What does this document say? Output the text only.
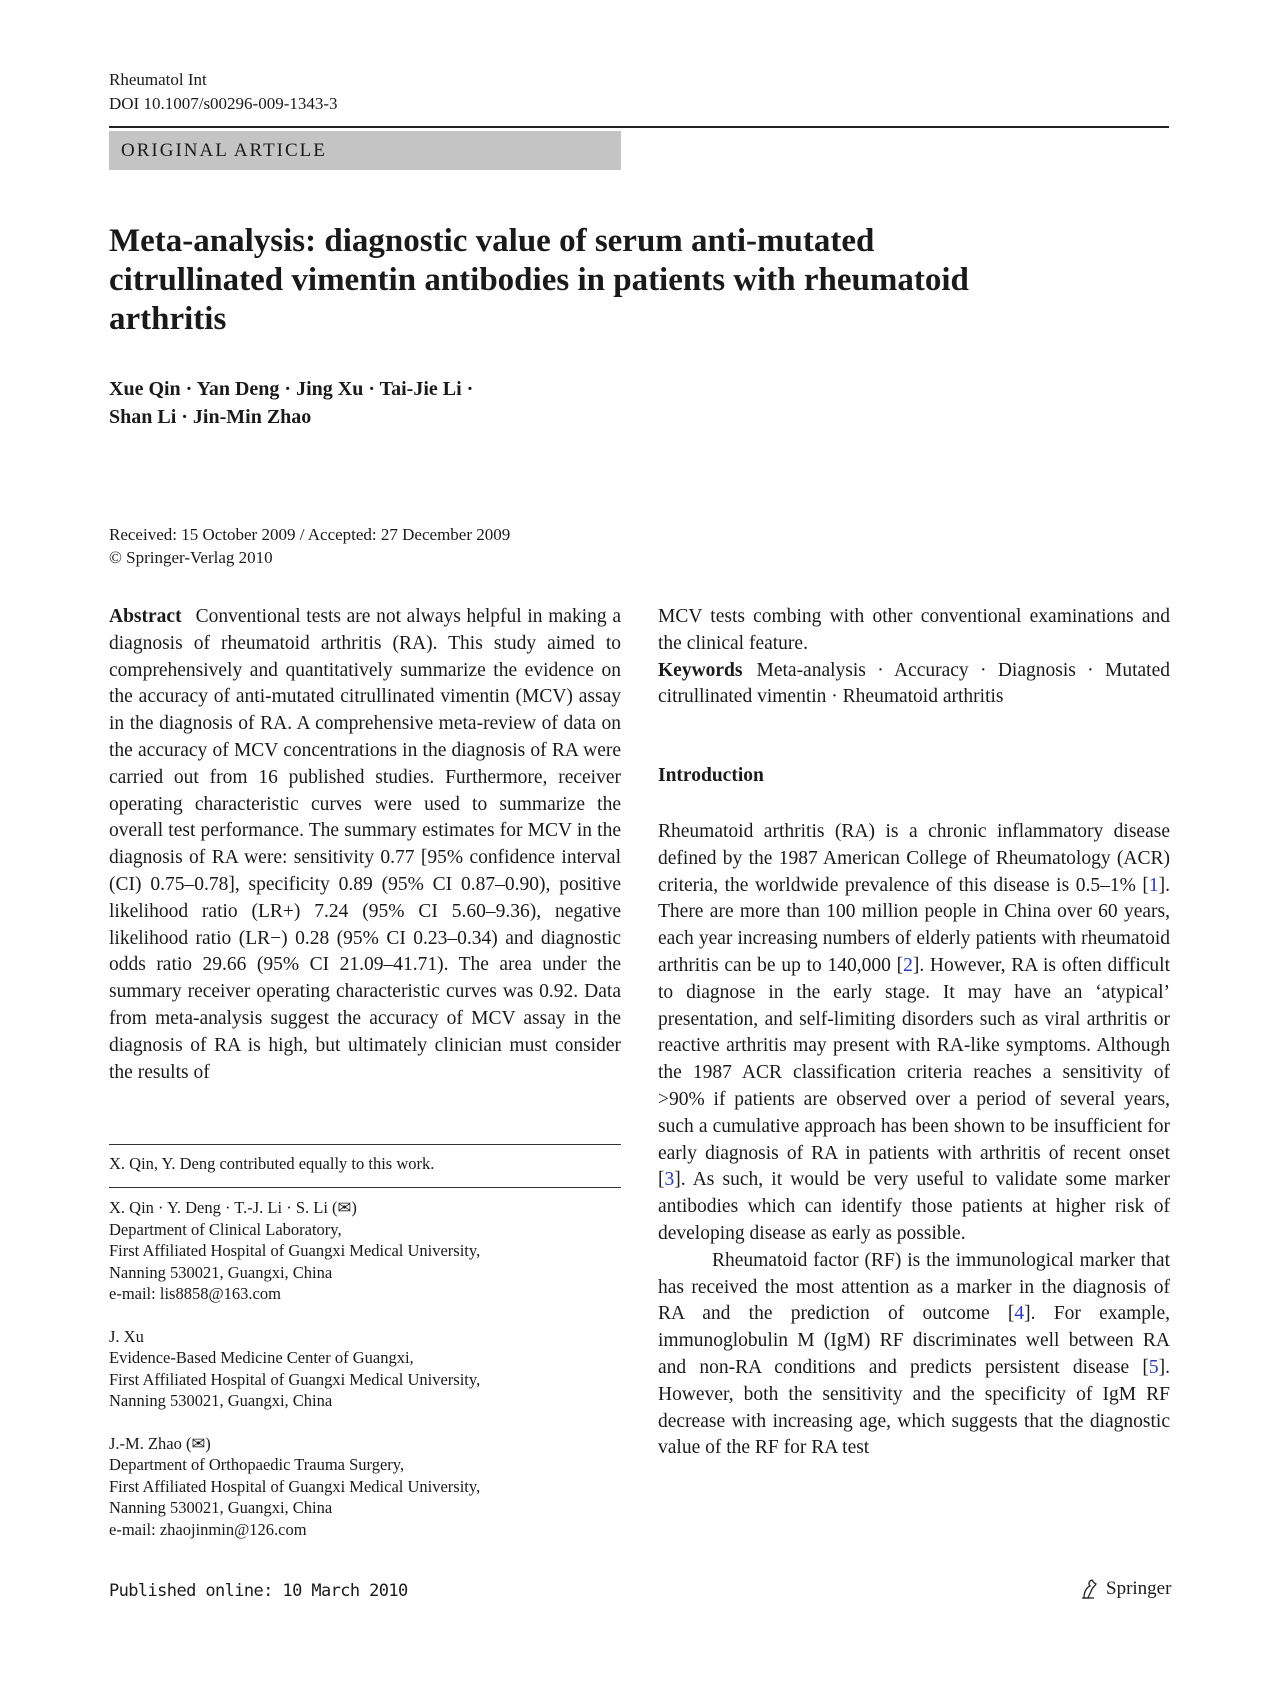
Rheumatol Int
DOI 10.1007/s00296-009-1343-3
ORIGINAL ARTICLE
Meta-analysis: diagnostic value of serum anti-mutated
citrullinated vimentin antibodies in patients with rheumatoid
arthritis
Xue Qin · Yan Deng · Jing Xu · Tai-Jie Li ·
Shan Li · Jin-Min Zhao
Received: 15 October 2009 / Accepted: 27 December 2009
© Springer-Verlag 2010

Abstract Conventional tests are not always helpful in making a diagnosis of rheumatoid arthritis (RA). This study aimed to comprehensively and quantitatively summarize the evidence on the accuracy of anti-mutated citrullinated vimentin (MCV) assay in the diagnosis of RA. A comprehensive meta-review of data on the accuracy of MCV concentrations in the diagnosis of RA were carried out from 16 published studies. Furthermore, receiver operating characteristic curves were used to summarize the overall test performance. The summary estimates for MCV in the diagnosis of RA were: sensitivity 0.77 [95% confidence interval (CI) 0.75–0.78], specificity 0.89 (95% CI 0.87–0.90), positive likelihood ratio (LR+) 7.24 (95% CI 5.60–9.36), negative likelihood ratio (LR−) 0.28 (95% CI 0.23–0.34) and diagnostic odds ratio 29.66 (95% CI 21.09–41.71). The area under the summary receiver operating characteristic curves was 0.92. Data from meta-analysis suggest the accuracy of MCV assay in the diagnosis of RA is high, but ultimately clinician must consider the results of

X. Qin, Y. Deng contributed equally to this work.
X. Qin · Y. Deng · T.-J. Li · S. Li (✉)
Department of Clinical Laboratory,
First Affiliated Hospital of Guangxi Medical University,
Nanning 530021, Guangxi, China
e-mail: lis8858@163.com
J. Xu
Evidence-Based Medicine Center of Guangxi,
First Affiliated Hospital of Guangxi Medical University,
Nanning 530021, Guangxi, China
J.-M. Zhao (✉)
Department of Orthopaedic Trauma Surgery,
First Affiliated Hospital of Guangxi Medical University,
Nanning 530021, Guangxi, China
e-mail: zhaojinmin@126.com

MCV tests combing with other conventional examinations and the clinical feature.

Keywords Meta-analysis · Accuracy · Diagnosis · Mutated citrullinated vimentin · Rheumatoid arthritis

Introduction

Rheumatoid arthritis (RA) is a chronic inflammatory disease defined by the 1987 American College of Rheumatology (ACR) criteria, the worldwide prevalence of this disease is 0.5–1% [1]. There are more than 100 million people in China over 60 years, each year increasing numbers of elderly patients with rheumatoid arthritis can be up to 140,000 [2]. However, RA is often difficult to diagnose in the early stage. It may have an ‘atypical’ presentation, and self-limiting disorders such as viral arthritis or reactive arthritis may present with RA-like symptoms. Although the 1987 ACR classification criteria reaches a sensitivity of >90% if patients are observed over a period of several years, such a cumulative approach has been shown to be insufficient for early diagnosis of RA in patients with arthritis of recent onset [3]. As such, it would be very useful to validate some marker antibodies which can identify those patients at higher risk of developing disease as early as possible.

Rheumatoid factor (RF) is the immunological marker that has received the most attention as a marker in the diagnosis of RA and the prediction of outcome [4]. For example, immunoglobulin M (IgM) RF discriminates well between RA and non-RA conditions and predicts persistent disease [5]. However, both the sensitivity and the specificity of IgM RF decrease with increasing age, which suggests that the diagnostic value of the RF for RA test

Published online: 10 March 2010	Springer
